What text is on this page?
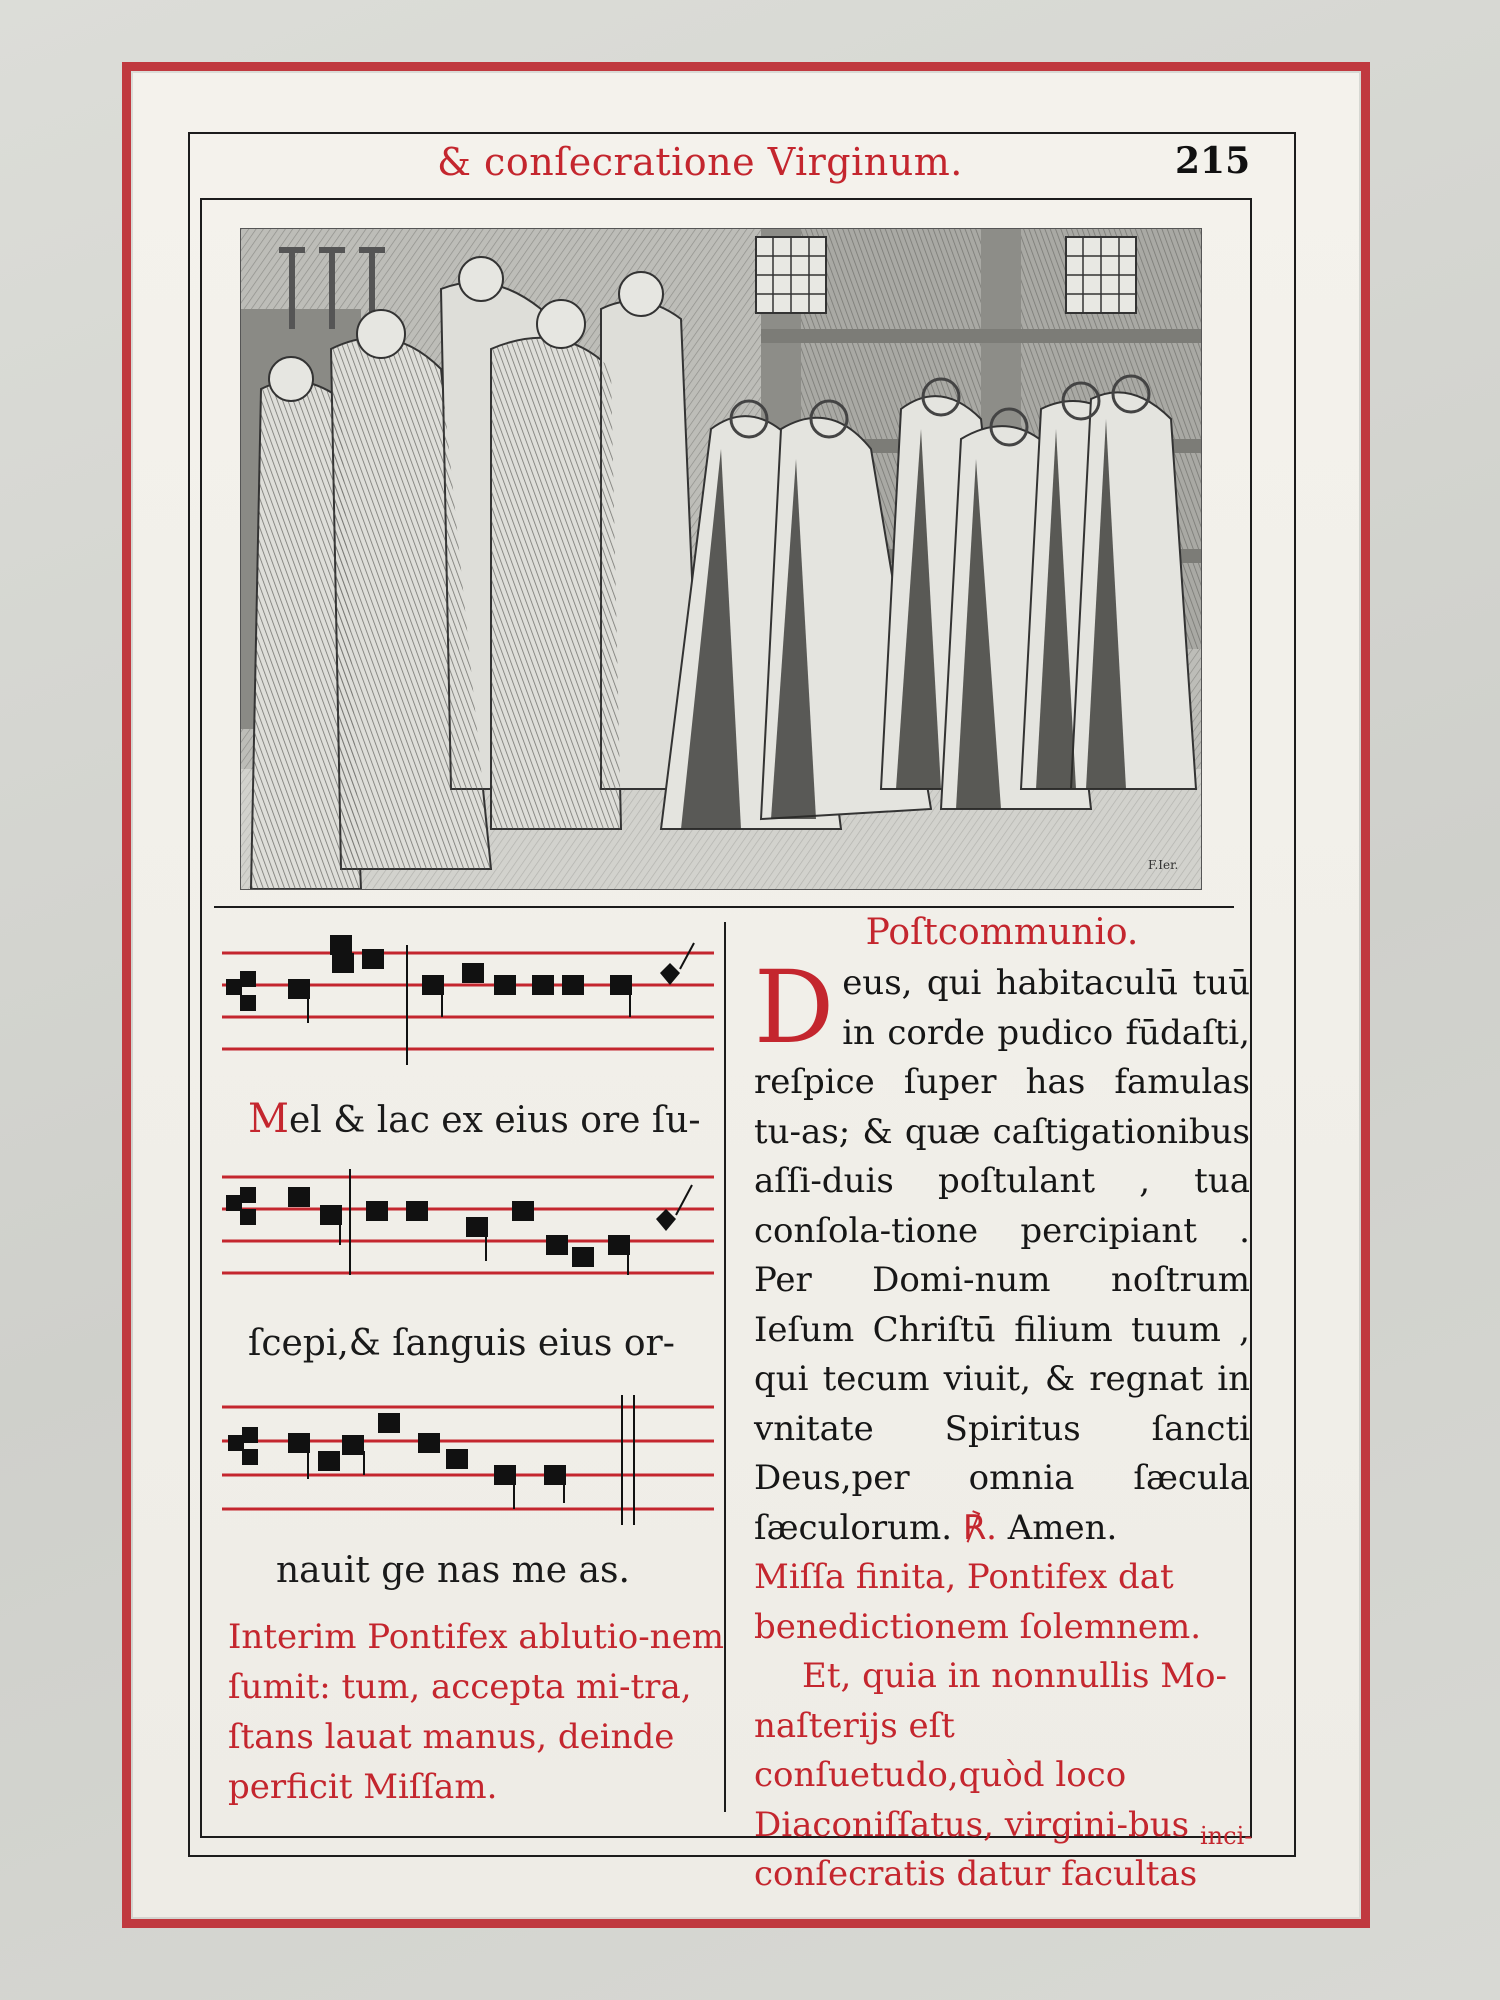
& conſecratione Virginum.	215
F.Ier.
Mel & lac ex eius ore ſu-
ſcepi,& ſanguis eius or-
nauit ge nas me as.
Interim Pontifex ablutio-nem ſumit: tum, accepta mi-tra, ſtans lauat manus, deinde perficit Miſſam.
Poſtcommunio.

Deus, qui habitaculū tuū in corde pudico fūdaſti, reſpice ſuper has famulas tu-as; & quæ caſtigationibus aſſi-duis poſtulant , tua conſola-tione percipiant . Per Domi-num noſtrum Ieſum Chriſtū filium tuum , qui tecum viuit, & regnat in vnitate Spiritus ſancti Deus,per omnia ſæcula ſæculorum. ℟. Amen.

Miſſa finita, Pontifex dat benedictionem ſolemnem.

Et, quia in nonnullis Mo-naſterijs eſt conſuetudo,quòd loco Diaconiſſatus, virgini-bus conſecratis datur facultas

inci-
